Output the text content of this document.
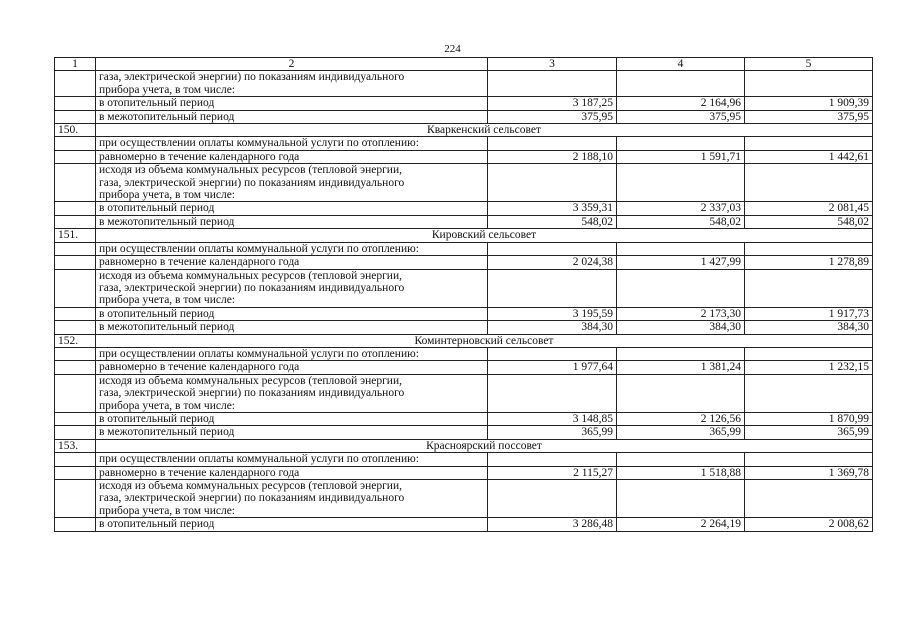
224
1	2	3	4	5
	газа, электрической энергии) по показаниям индивидуального
прибора учета, в том числе:			
	в отопительный период	3 187,25	2 164,96	1 909,39
	в межотопительный период	375,95	375,95	375,95
150.	Кваркенский сельсовет			
	при осуществлении оплаты коммунальной услуги по отоплению:			
	равномерно в течение календарного года	2 188,10	1 591,71	1 442,61
	исходя из объема коммунальных ресурсов (тепловой энергии,
газа, электрической энергии) по показаниям индивидуального
прибора учета, в том числе:			
	в отопительный период	3 359,31	2 337,03	2 081,45
	в межотопительный период	548,02	548,02	548,02
151.	Кировский сельсовет			
	при осуществлении оплаты коммунальной услуги по отоплению:			
	равномерно в течение календарного года	2 024,38	1 427,99	1 278,89
	исходя из объема коммунальных ресурсов (тепловой энергии,
газа, электрической энергии) по показаниям индивидуального
прибора учета, в том числе:			
	в отопительный период	3 195,59	2 173,30	1 917,73
	в межотопительный период	384,30	384,30	384,30
152.	Коминтерновский сельсовет			
	при осуществлении оплаты коммунальной услуги по отоплению:			
	равномерно в течение календарного года	1 977,64	1 381,24	1 232,15
	исходя из объема коммунальных ресурсов (тепловой энергии,
газа, электрической энергии) по показаниям индивидуального
прибора учета, в том числе:			
	в отопительный период	3 148,85	2 126,56	1 870,99
	в межотопительный период	365,99	365,99	365,99
153.	Красноярский поссовет			
	при осуществлении оплаты коммунальной услуги по отоплению:			
	равномерно в течение календарного года	2 115,27	1 518,88	1 369,78
	исходя из объема коммунальных ресурсов (тепловой энергии,
газа, электрической энергии) по показаниям индивидуального
прибора учета, в том числе:			
	в отопительный период	3 286,48	2 264,19	2 008,62
